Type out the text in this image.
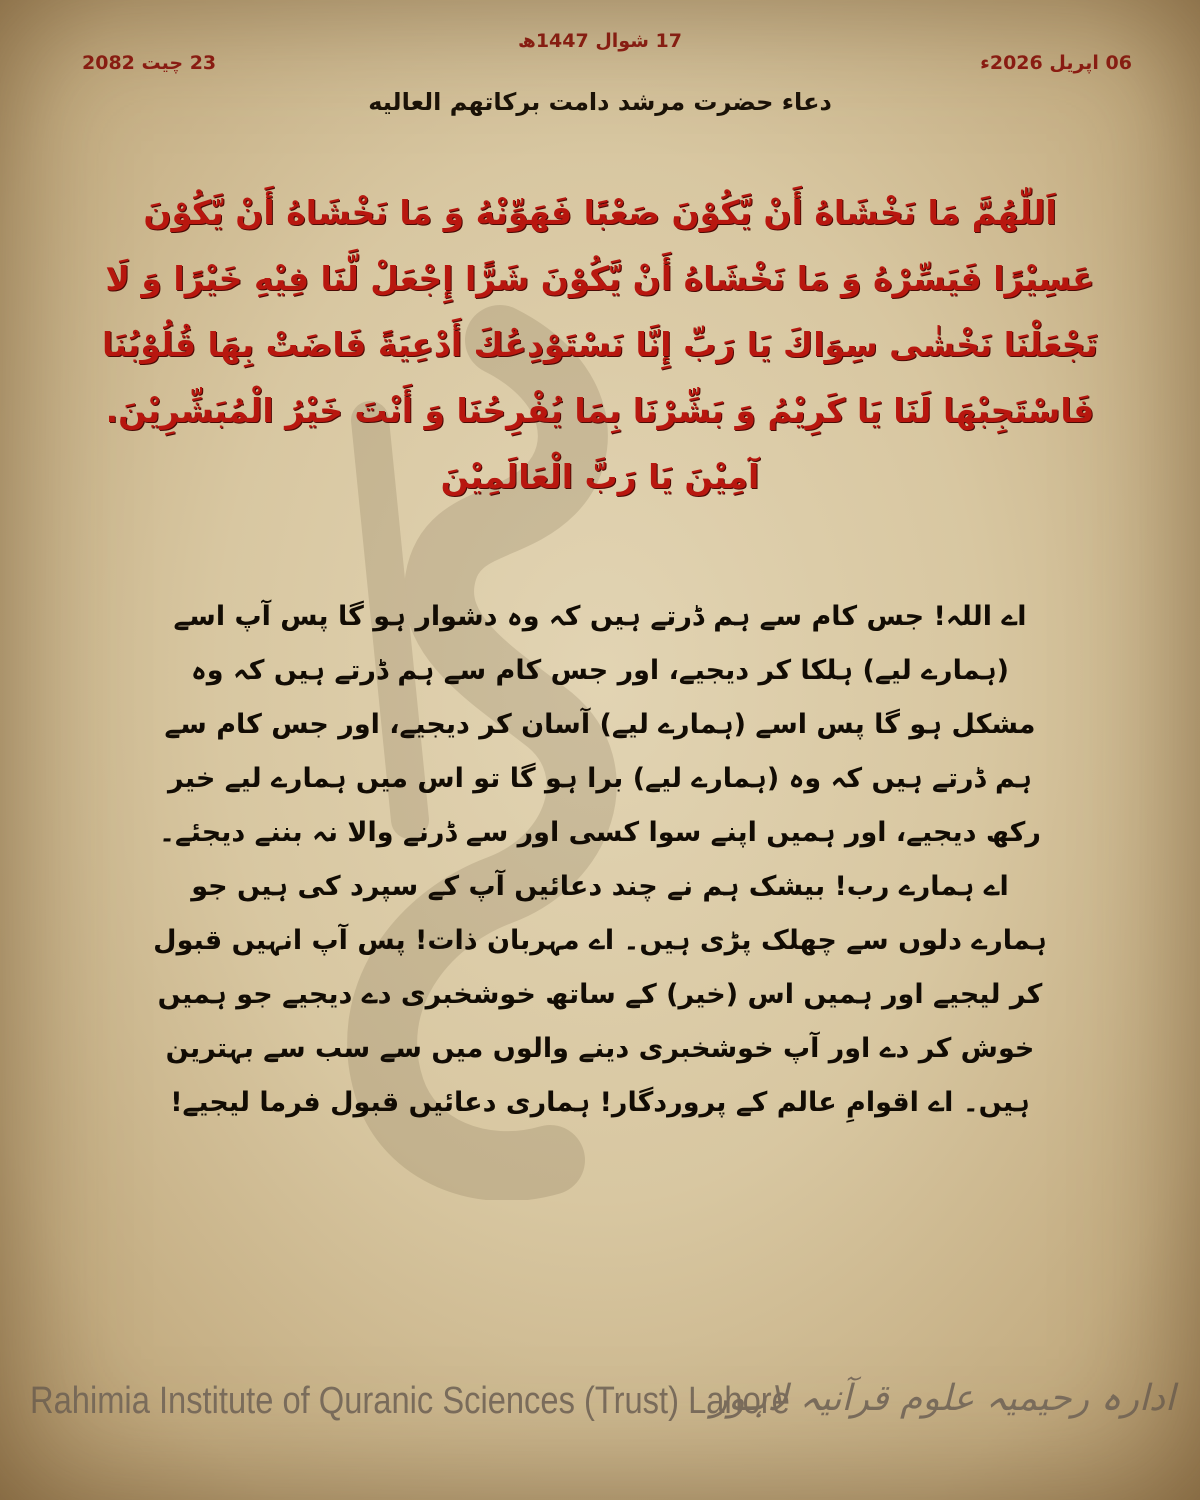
17 شوال 1447ھ
06 اپریل 2026ء
23 چیت 2082
دعاء حضرت مرشد دامت برکاتهم العالیه
اَللّٰهُمَّ مَا نَخْشَاهُ أَنْ يَّكُوْنَ صَعْبًا فَهَوِّنْهُ وَ مَا نَخْشَاهُ أَنْ يَّكُوْنَ عَسِيْرًا فَيَسِّرْهُ وَ مَا نَخْشَاهُ أَنْ يَّكُوْنَ شَرًّا إِجْعَلْ لَّنَا فِيْهِ خَيْرًا وَ لَا تَجْعَلْنَا نَخْشٰى سِوَاكَ يَا رَبِّ إِنَّا نَسْتَوْدِعُكَ أَدْعِيَةً فَاضَتْ بِهَا قُلُوْبُنَا فَاسْتَجِبْهَا لَنَا يَا كَرِيْمُ وَ بَشِّرْنَا بِمَا يُفْرِحُنَا وَ أَنْتَ خَيْرُ الْمُبَشِّرِيْنَ. آمِيْنَ يَا رَبَّ الْعَالَمِيْنَ
اے اللہ! جس کام سے ہم ڈرتے ہیں کہ وہ دشوار ہو گا پس آپ اسے (ہمارے لیے) ہلکا کر دیجیے، اور جس کام سے ہم ڈرتے ہیں کہ وہ مشکل ہو گا پس اسے (ہمارے لیے) آسان کر دیجیے، اور جس کام سے ہم ڈرتے ہیں کہ وہ (ہمارے لیے) برا ہو گا تو اس میں ہمارے لیے خیر رکھ دیجیے، اور ہمیں اپنے سوا کسی اور سے ڈرنے والا نہ بننے دیجئے۔ اے ہمارے رب! بیشک ہم نے چند دعائیں آپ کے سپرد کی ہیں جو ہمارے دلوں سے چھلک پڑی ہیں۔ اے مہربان ذات! پس آپ انہیں قبول کر لیجیے اور ہمیں اس (خیر) کے ساتھ خوشخبری دے دیجیے جو ہمیں خوش کر دے اور آپ خوشخبری دینے والوں میں سے سب سے بہترین ہیں۔ اے اقوامِ عالم کے پروردگار! ہماری دعائیں قبول فرما لیجیے!
Rahimia Institute of Quranic Sciences (Trust) Lahore
ادارہ رحیمیہ علوم قرآنیہ لاہور
